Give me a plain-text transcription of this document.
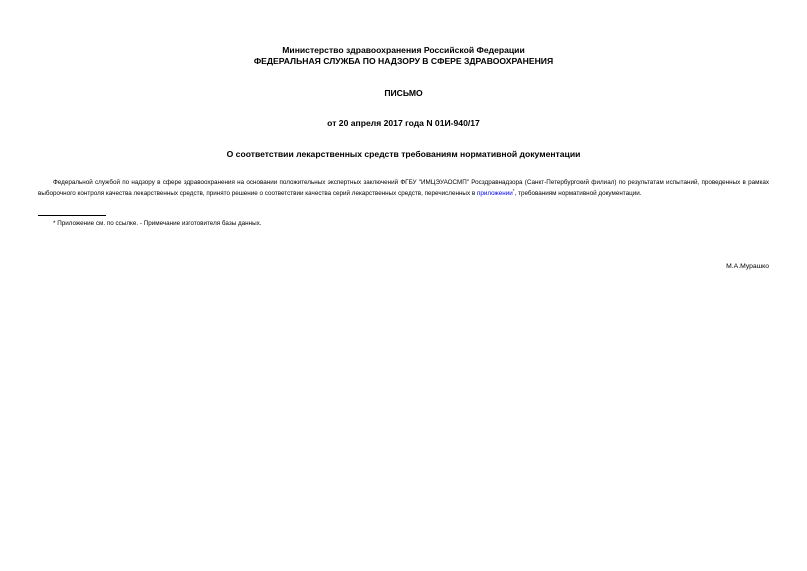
Министерство здравоохранения Российской Федерации
ФЕДЕРАЛЬНАЯ СЛУЖБА ПО НАДЗОРУ В СФЕРЕ ЗДРАВООХРАНЕНИЯ
ПИСЬМО
от 20 апреля 2017 года N 01И-940/17
О соответствии лекарственных средств требованиям нормативной документации
Федеральной службой по надзору в сфере здравоохранения на основании положительных экспертных заключений ФГБУ "ИМЦЭУАОСМП" Росздравнадзора (Санкт-Петербургский филиал) по результатам испытаний, проведенных в рамках выборочного контроля качества лекарственных средств, принято решение о соответствии качества серий лекарственных средств, перечисленных в приложении*, требованиям нормативной документации.
* Приложение см. по ссылке. - Примечание изготовителя базы данных.
М.А.Мурашко
